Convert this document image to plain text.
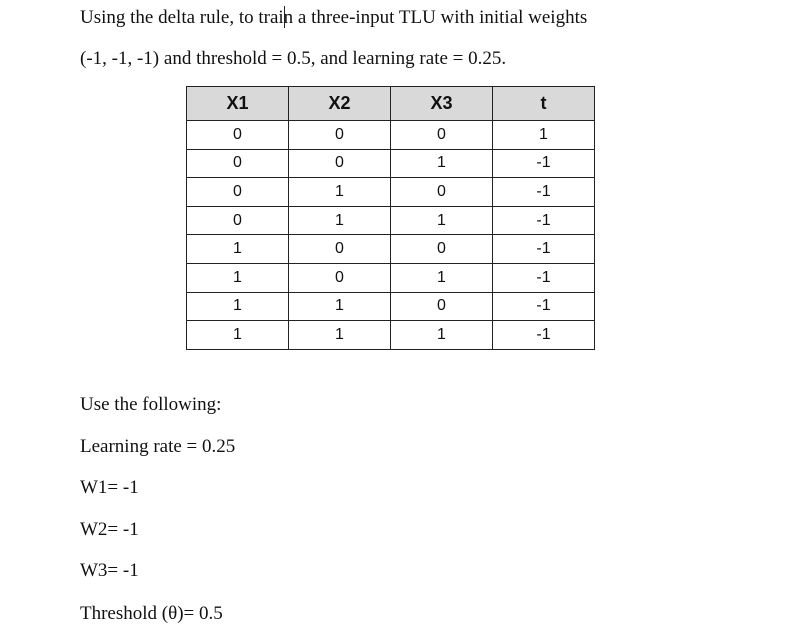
Using the delta rule, to train a three-input TLU with initial weights
(-1, -1, -1) and threshold = 0.5, and learning rate = 0.25.
X1	X2	X3	t
0	0	0	1
0	0	1	-1
0	1	0	-1
0	1	1	-1
1	0	0	-1
1	0	1	-1
1	1	0	-1
1	1	1	-1
Use the following:
Learning rate = 0.25
W1= -1
W2= -1
W3= -1
Threshold (θ)= 0.5
